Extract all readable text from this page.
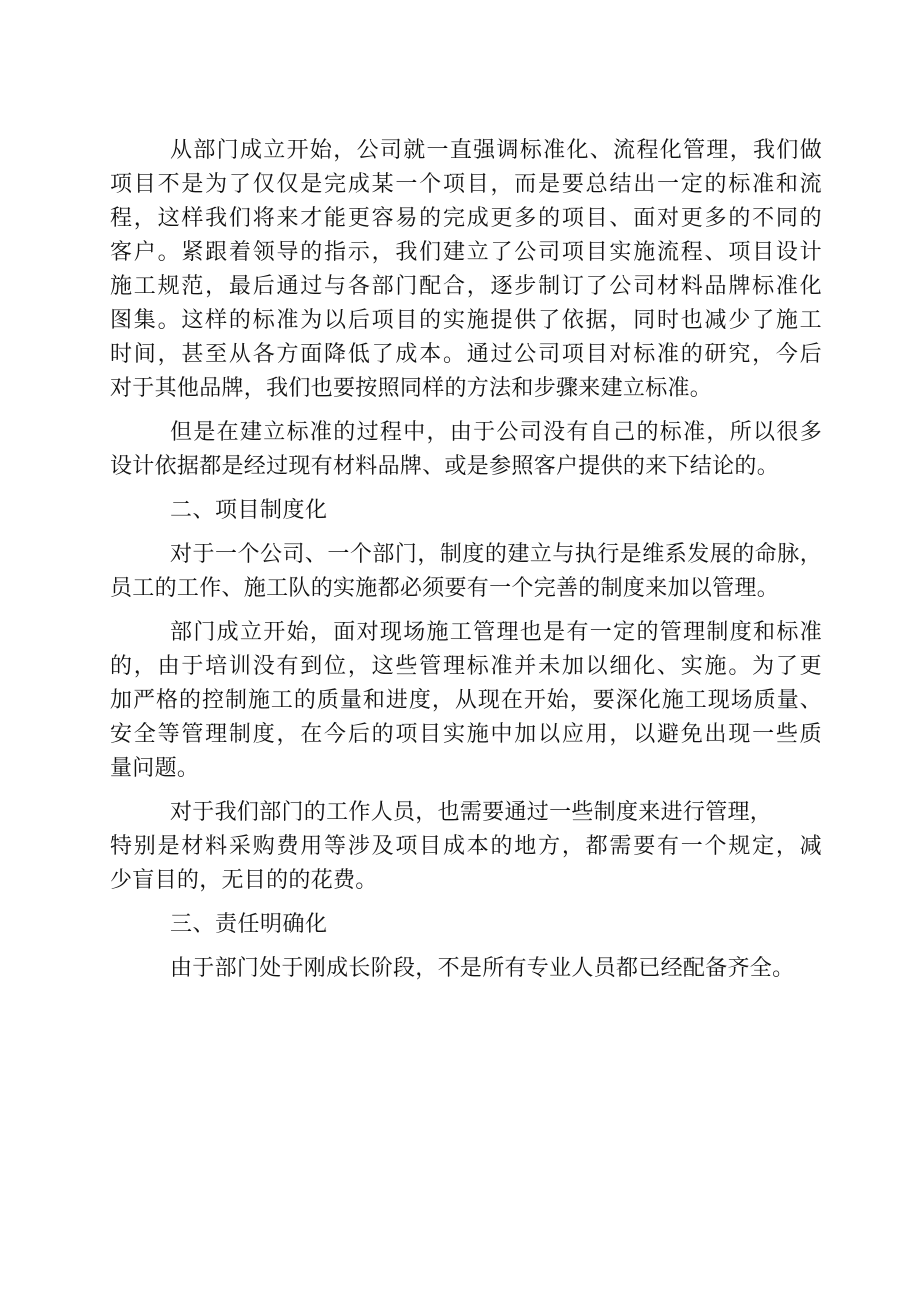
从部门成立开始，公司就一直强调标准化、流程化管理，我们做
项目不是为了仅仅是完成某一个项目，而是要总结出一定的标准和流
程，这样我们将来才能更容易的完成更多的项目、面对更多的不同的
客户。紧跟着领导的指示，我们建立了公司项目实施流程、项目设计
施工规范，最后通过与各部门配合，逐步制订了公司材料品牌标准化
图集。这样的标准为以后项目的实施提供了依据，同时也减少了施工
时间，甚至从各方面降低了成本。通过公司项目对标准的研究，今后
对于其他品牌，我们也要按照同样的方法和步骤来建立标准。
但是在建立标准的过程中，由于公司没有自己的标准，所以很多
设计依据都是经过现有材料品牌、或是参照客户提供的来下结论的。
二、项目制度化
对于一个公司、一个部门，制度的建立与执行是维系发展的命脉，
员工的工作、施工队的实施都必须要有一个完善的制度来加以管理。
部门成立开始，面对现场施工管理也是有一定的管理制度和标准
的，由于培训没有到位，这些管理标准并未加以细化、实施。为了更
加严格的控制施工的质量和进度，从现在开始，要深化施工现场质量、
安全等管理制度，在今后的项目实施中加以应用，以避免出现一些质
量问题。
对于我们部门的工作人员，也需要通过一些制度来进行管理，
特别是材料采购费用等涉及项目成本的地方，都需要有一个规定，减
少盲目的，无目的的花费。
三、责任明确化
由于部门处于刚成长阶段，不是所有专业人员都已经配备齐全。
